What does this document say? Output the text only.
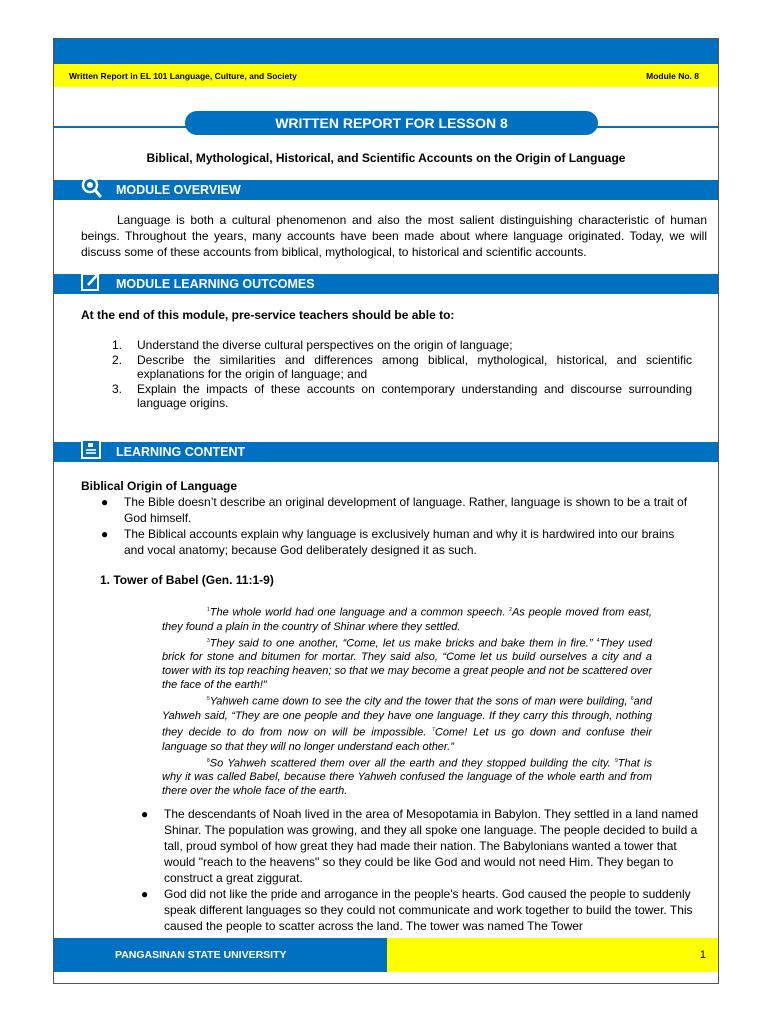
Written Report in EL 101 Language, Culture, and Society	Module No. 8
WRITTEN REPORT FOR LESSON 8
Biblical, Mythological, Historical, and Scientific Accounts on the Origin of Language
MODULE OVERVIEW
Language is both a cultural phenomenon and also the most salient distinguishing characteristic of human beings. Throughout the years, many accounts have been made about where language originated. Today, we will discuss some of these accounts from biblical, mythological, to historical and scientific accounts.
MODULE LEARNING OUTCOMES
At the end of this module, pre-service teachers should be able to:
1. Understand the diverse cultural perspectives on the origin of language;
2. Describe the similarities and differences among biblical, mythological, historical, and scientific explanations for the origin of language; and
3. Explain the impacts of these accounts on contemporary understanding and discourse surrounding language origins.
LEARNING CONTENT
Biblical Origin of Language
● The Bible doesn’t describe an original development of language. Rather, language is shown to be a trait of God himself.
● The Biblical accounts explain why language is exclusively human and why it is hardwired into our brains and vocal anatomy; because God deliberately designed it as such.
1. Tower of Babel (Gen. 11:1-9)

$^1$The whole world had one language and a common speech. $^2$As people moved from east, they found a plain in the country of Shinar where they settled.

$^3$They said to one another, “Come, let us make bricks and bake them in fire.” $^4$They used brick for stone and bitumen for mortar. They said also, “Come let us build ourselves a city and a tower with its top reaching heaven; so that we may become a great people and not be scattered over the face of the earth!”

$^5$Yahweh came down to see the city and the tower that the sons of man were building, $^6$and Yahweh said, “They are one people and they have one language. If they carry this through, nothing they decide to do from now on will be impossible. $^7$Come! Let us go down and confuse their language so that they will no longer understand each other.”

$^8$So Yahweh scattered them over all the earth and they stopped building the city. $^9$That is why it was called Babel, because there Yahweh confused the language of the whole earth and from there over the whole face of the earth.

● The descendants of Noah lived in the area of Mesopotamia in Babylon. They settled in a land named Shinar. The population was growing, and they all spoke one language. The people decided to build a tall, proud symbol of how great they had made their nation. The Babylonians wanted a tower that would "reach to the heavens" so they could be like God and would not need Him. They began to construct a great ziggurat.
● God did not like the pride and arrogance in the people's hearts. God caused the people to suddenly speak different languages so they could not communicate and work together to build the tower. This caused the people to scatter across the land. The tower was named The Tower
PANGASINAN STATE UNIVERSITY	1
